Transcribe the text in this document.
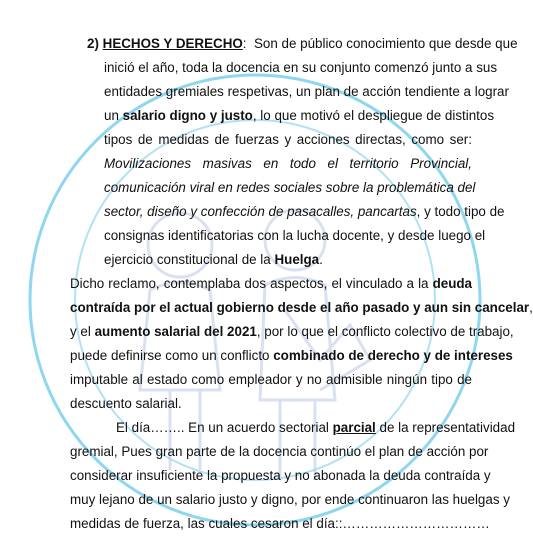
2) HECHOS Y DERECHO:  Son de público conocimiento que desde que
inició el año, toda la docencia en su conjunto comenzó junto a sus
entidades gremiales respetivas, un plan de acción tendiente a lograr
un salario digno y justo, lo que motivó el despliegue de distintos
tipos de medidas de fuerzas y acciones directas, como ser:
Movilizaciones masivas en todo el territorio Provincial,
comunicación viral en redes sociales sobre la problemática del
sector, diseño y confección de pasacalles, pancartas, y todo tipo de
consignas identificatorias con la lucha docente, y desde luego el
ejercicio constitucional de la Huelga.
Dicho reclamo, contemplaba dos aspectos, el vinculado a la deuda
contraída por el actual gobierno desde el año pasado y aun sin cancelar,
y el aumento salarial del 2021, por lo que el conflicto colectivo de trabajo,
puede definirse como un conflicto combinado de derecho y de intereses
imputable al estado como empleador y no admisible ningún tipo de
descuento salarial.
El día…….. En un acuerdo sectorial parcial de la representatividad
gremial, Pues gran parte de la docencia continúo el plan de acción por
considerar insuficiente la propuesta y no abonada la deuda contraída y
muy lejano de un salario justo y digno, por ende continuaron las huelgas y
medidas de fuerza, las cuales cesaron el día::……………………………
